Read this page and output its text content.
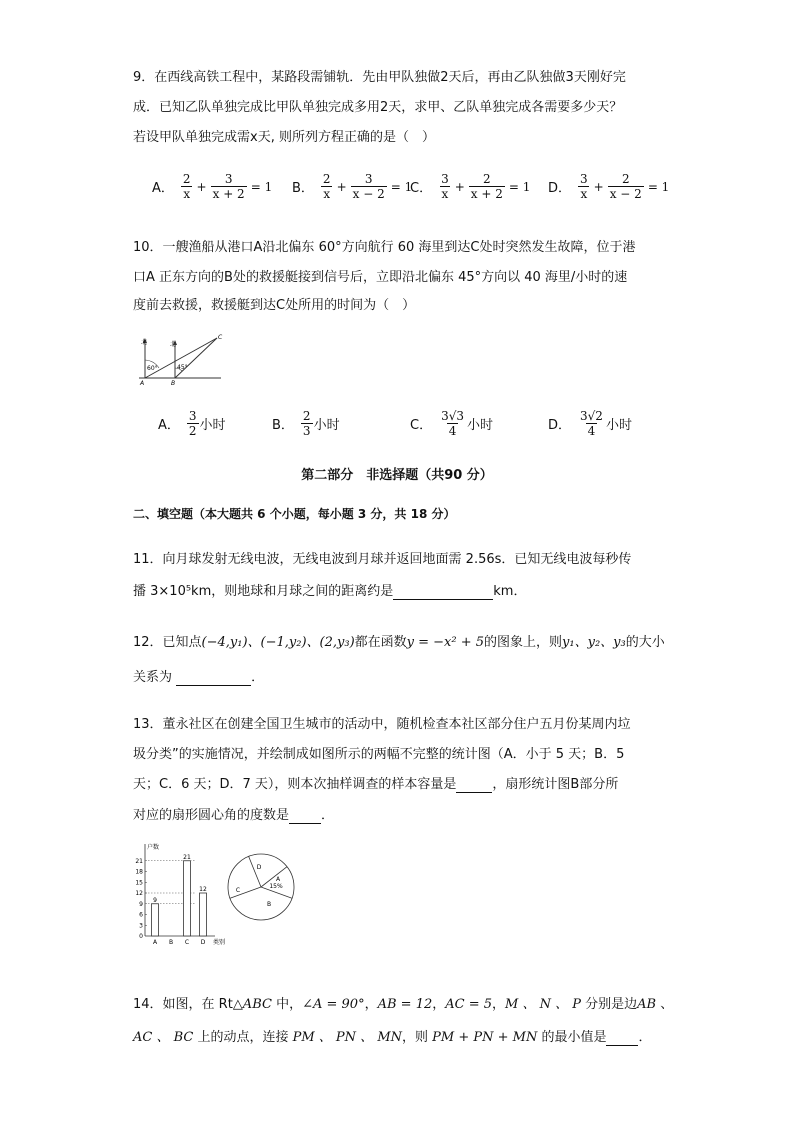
9．在西线高铁工程中，某路段需铺轨．先由甲队独做2天后，再由乙队独做3天刚好完
成．已知乙队单独完成比甲队单独完成多用2天，求甲、乙队单独完成各需要多少天？
若设甲队单独完成需x天, 则所列方程正确的是（　）
A． $\frac{2}{x} + \frac{3}{x + 2} = 1$ B． $\frac{2}{x} + \frac{3}{x - 2} = 1$
C． $\frac{3}{x} + \frac{2}{x + 2} = 1$ D． $\frac{3}{x} + \frac{2}{x - 2} = 1$
10．一艘渔船从港口A沿北偏东 60°方向航行 60 海里到达C处时突然发生故障，位于港
口A 正东方向的B处的救援艇接到信号后，立即沿北偏东 45°方向以 40 海里/小时的速
度前去救援，救援艇到达C处所用的时间为（　）
北	北
60°	45°
A	B
C
A． $\frac{3}{2}$ 小时	B． $\frac{2}{3}$ 小时	C． $\frac{3√3}{4}$ 小时	D． $\frac{3√2}{4}$ 小时
第二部分　非选择题（共90 分）
二、填空题（本大题共 6 个小题，每小题 3 分，共 18 分）
11．向月球发射无线电波，无线电波到月球并返回地面需 2.56s．已知无线电波每秒传
播 3×10⁵km，则地球和月球之间的距离约是	km．
12．已知点(−4,y₁)、(−1,y₂)、(2,y₃)都在函数y = −x² + 5的图象上，则y₁、y₂、y₃的大小
关系为	．
13．董永社区在创建全国卫生城市的活动中，随机检查本社区部分住户五月份某周内垃
圾分类”的实施情况，并绘制成如图所示的两幅不完整的统计图（A．小于 5 天；B．5
天；C．6 天；D．7 天），则本次抽样调查的样本容量是	，扇形统计图B部分所
对应的扇形圆心角的度数是 ．
户数
类别
0
3
6
9
12
15
18
21
A
9
B C
21
D
12
D
A
15%
B
C
14．如图，在 Rt△ABC 中，∠A = 90°，AB = 12，AC = 5，M 、 N 、 P 分别是边AB 、
AC 、 BC 上的动点，连接 PM 、 PN 、 MN，则 PM + PN + MN 的最小值是 ．
